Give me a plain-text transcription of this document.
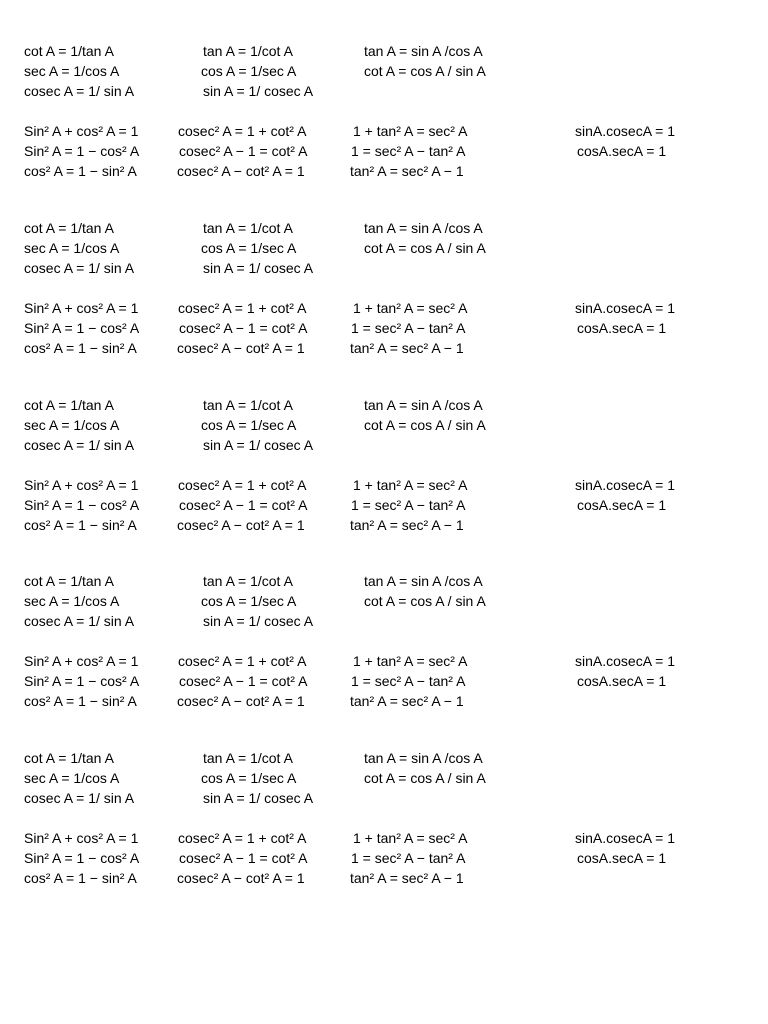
cot A = 1/tan A	tan A = 1/cot A	tan A = sin A /cos A
sec A = 1/cos A	cos A = 1/sec A	cot A = cos A / sin A
cosec A = 1/ sin A	sin A = 1/ cosec A
Sin² A + cos² A = 1	cosec² A = 1 + cot² A	1 + tan² A = sec² A	sinA.cosecA = 1
Sin² A = 1 − cos² A	cosec² A − 1 = cot² A	1 = sec² A − tan² A	cosA.secA = 1
cos² A = 1 − sin² A	cosec² A − cot² A = 1	tan² A = sec² A − 1
cot A = 1/tan A	tan A = 1/cot A	tan A = sin A /cos A
sec A = 1/cos A	cos A = 1/sec A	cot A = cos A / sin A
cosec A = 1/ sin A	sin A = 1/ cosec A
Sin² A + cos² A = 1	cosec² A = 1 + cot² A	1 + tan² A = sec² A	sinA.cosecA = 1
Sin² A = 1 − cos² A	cosec² A − 1 = cot² A	1 = sec² A − tan² A	cosA.secA = 1
cos² A = 1 − sin² A	cosec² A − cot² A = 1	tan² A = sec² A − 1
cot A = 1/tan A	tan A = 1/cot A	tan A = sin A /cos A
sec A = 1/cos A	cos A = 1/sec A	cot A = cos A / sin A
cosec A = 1/ sin A	sin A = 1/ cosec A
Sin² A + cos² A = 1	cosec² A = 1 + cot² A	1 + tan² A = sec² A	sinA.cosecA = 1
Sin² A = 1 − cos² A	cosec² A − 1 = cot² A	1 = sec² A − tan² A	cosA.secA = 1
cos² A = 1 − sin² A	cosec² A − cot² A = 1	tan² A = sec² A − 1
cot A = 1/tan A	tan A = 1/cot A	tan A = sin A /cos A
sec A = 1/cos A	cos A = 1/sec A	cot A = cos A / sin A
cosec A = 1/ sin A	sin A = 1/ cosec A
Sin² A + cos² A = 1	cosec² A = 1 + cot² A	1 + tan² A = sec² A	sinA.cosecA = 1
Sin² A = 1 − cos² A	cosec² A − 1 = cot² A	1 = sec² A − tan² A	cosA.secA = 1
cos² A = 1 − sin² A	cosec² A − cot² A = 1	tan² A = sec² A − 1
cot A = 1/tan A	tan A = 1/cot A	tan A = sin A /cos A
sec A = 1/cos A	cos A = 1/sec A	cot A = cos A / sin A
cosec A = 1/ sin A	sin A = 1/ cosec A
Sin² A + cos² A = 1	cosec² A = 1 + cot² A	1 + tan² A = sec² A	sinA.cosecA = 1
Sin² A = 1 − cos² A	cosec² A − 1 = cot² A	1 = sec² A − tan² A	cosA.secA = 1
cos² A = 1 − sin² A	cosec² A − cot² A = 1	tan² A = sec² A − 1
